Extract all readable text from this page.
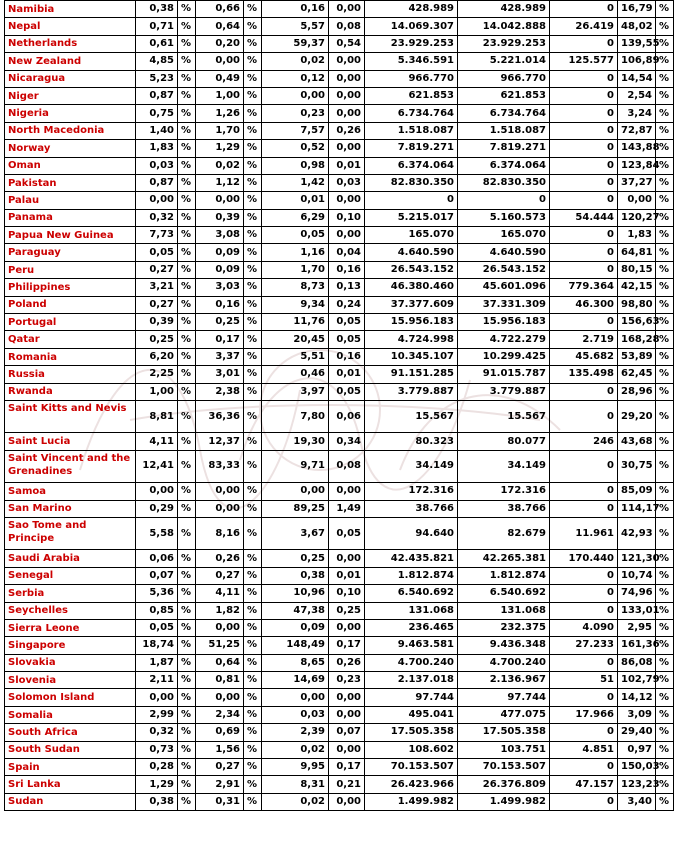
Namibia	0,38	%	0,66	%	0,16	0,00	428.989	428.989	0	16,79	%
Nepal	0,71	%	0,64	%	5,57	0,08	14.069.307	14.042.888	26.419	48,02	%
Netherlands	0,61	%	0,20	%	59,37	0,54	23.929.253	23.929.253	0	139,55	%
New Zealand	4,85	%	0,00	%	0,02	0,00	5.346.591	5.221.014	125.577	106,89	%
Nicaragua	5,23	%	0,49	%	0,12	0,00	966.770	966.770	0	14,54	%
Niger	0,87	%	1,00	%	0,00	0,00	621.853	621.853	0	2,54	%
Nigeria	0,75	%	1,26	%	0,23	0,00	6.734.764	6.734.764	0	3,24	%
North Macedonia	1,40	%	1,70	%	7,57	0,26	1.518.087	1.518.087	0	72,87	%
Norway	1,83	%	1,29	%	0,52	0,00	7.819.271	7.819.271	0	143,88	%
Oman	0,03	%	0,02	%	0,98	0,01	6.374.064	6.374.064	0	123,84	%
Pakistan	0,87	%	1,12	%	1,42	0,03	82.830.350	82.830.350	0	37,27	%
Palau	0,00	%	0,00	%	0,01	0,00	0	0	0	0,00	%
Panama	0,32	%	0,39	%	6,29	0,10	5.215.017	5.160.573	54.444	120,27	%
Papua New Guinea	7,73	%	3,08	%	0,05	0,00	165.070	165.070	0	1,83	%
Paraguay	0,05	%	0,09	%	1,16	0,04	4.640.590	4.640.590	0	64,81	%
Peru	0,27	%	0,09	%	1,70	0,16	26.543.152	26.543.152	0	80,15	%
Philippines	3,21	%	3,03	%	8,73	0,13	46.380.460	45.601.096	779.364	42,15	%
Poland	0,27	%	0,16	%	9,34	0,24	37.377.609	37.331.309	46.300	98,80	%
Portugal	0,39	%	0,25	%	11,76	0,05	15.956.183	15.956.183	0	156,63	%
Qatar	0,25	%	0,17	%	20,45	0,05	4.724.998	4.722.279	2.719	168,28	%
Romania	6,20	%	3,37	%	5,51	0,16	10.345.107	10.299.425	45.682	53,89	%
Russia	2,25	%	3,01	%	0,46	0,01	91.151.285	91.015.787	135.498	62,45	%
Rwanda	1,00	%	2,38	%	3,97	0,05	3.779.887	3.779.887	0	28,96	%
Saint Kitts and Nevis	8,81	%	36,36	%	7,80	0,06	15.567	15.567	0	29,20	%
Saint Lucia	4,11	%	12,37	%	19,30	0,34	80.323	80.077	246	43,68	%
Saint Vincent and the Grenadines	12,41	%	83,33	%	9,71	0,08	34.149	34.149	0	30,75	%
Samoa	0,00	%	0,00	%	0,00	0,00	172.316	172.316	0	85,09	%
San Marino	0,29	%	0,00	%	89,25	1,49	38.766	38.766	0	114,17	%
Sao Tome and Principe	5,58	%	8,16	%	3,67	0,05	94.640	82.679	11.961	42,93	%
Saudi Arabia	0,06	%	0,26	%	0,25	0,00	42.435.821	42.265.381	170.440	121,30	%
Senegal	0,07	%	0,27	%	0,38	0,01	1.812.874	1.812.874	0	10,74	%
Serbia	5,36	%	4,11	%	10,96	0,10	6.540.692	6.540.692	0	74,96	%
Seychelles	0,85	%	1,82	%	47,38	0,25	131.068	131.068	0	133,01	%
Sierra Leone	0,05	%	0,00	%	0,09	0,00	236.465	232.375	4.090	2,95	%
Singapore	18,74	%	51,25	%	148,49	0,17	9.463.581	9.436.348	27.233	161,36	%
Slovakia	1,87	%	0,64	%	8,65	0,26	4.700.240	4.700.240	0	86,08	%
Slovenia	2,11	%	0,81	%	14,69	0,23	2.137.018	2.136.967	51	102,79	%
Solomon Island	0,00	%	0,00	%	0,00	0,00	97.744	97.744	0	14,12	%
Somalia	2,99	%	2,34	%	0,03	0,00	495.041	477.075	17.966	3,09	%
South Africa	0,32	%	0,69	%	2,39	0,07	17.505.358	17.505.358	0	29,40	%
South Sudan	0,73	%	1,56	%	0,02	0,00	108.602	103.751	4.851	0,97	%
Spain	0,28	%	0,27	%	9,95	0,17	70.153.507	70.153.507	0	150,03	%
Sri Lanka	1,29	%	2,91	%	8,31	0,21	26.423.966	26.376.809	47.157	123,23	%
Sudan	0,38	%	0,31	%	0,02	0,00	1.499.982	1.499.982	0	3,40	%
